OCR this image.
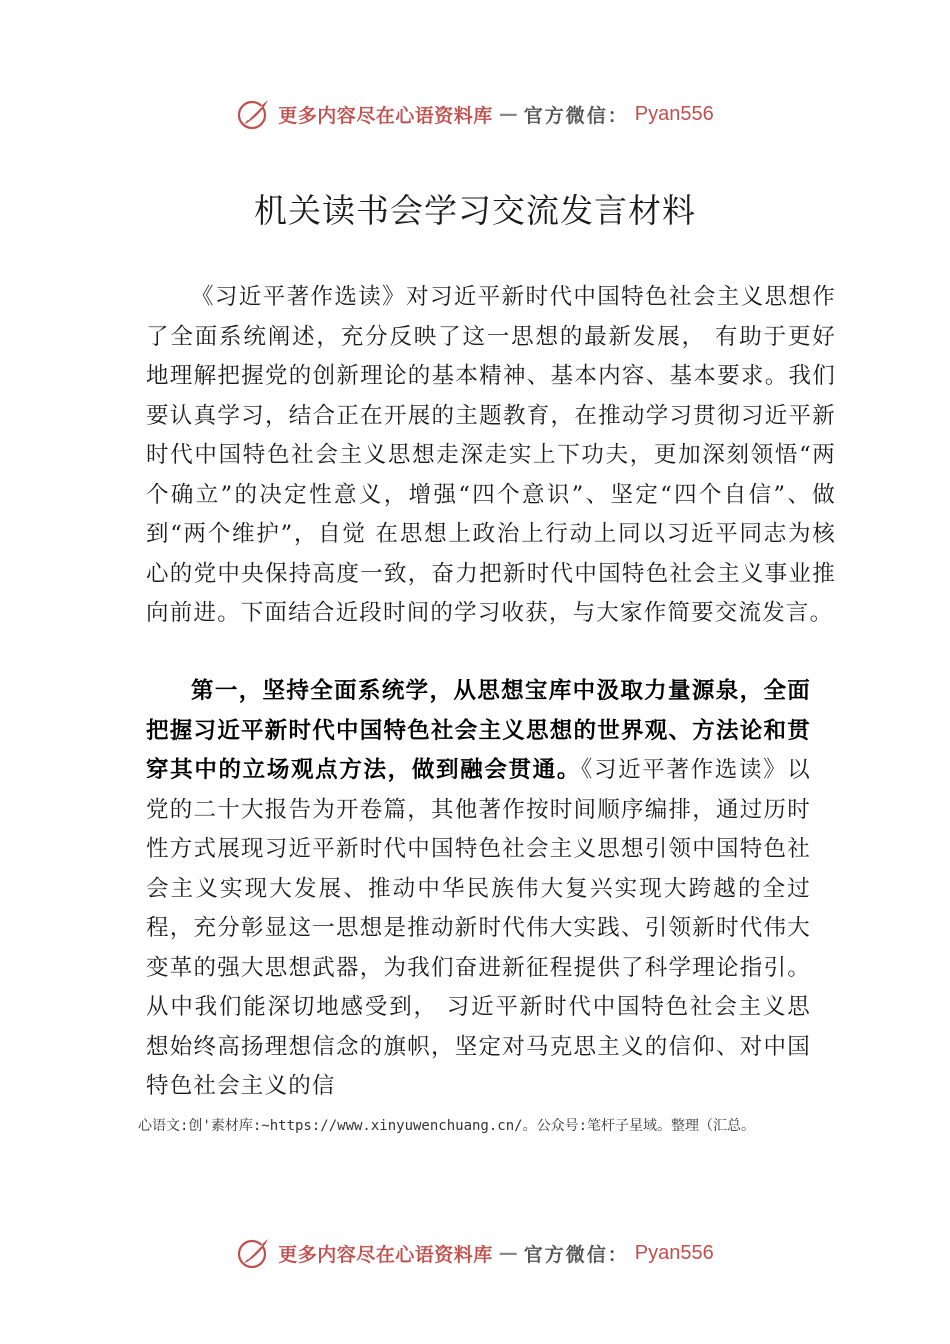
更多内容尽在心语资料库 — 官方微信： Pyan556
机关读书会学习交流发言材料

《习近平著作选读》对习近平新时代中国特色社会主义思想作了全面系统阐述，充分反映了这一思想的最新发展， 有助于更好地理解把握党的创新理论的基本精神、基本内容、基本要求。我们要认真学习，结合正在开展的主题教育，在推动学习贯彻习近平新时代中国特色社会主义思想走深走实上下功夫，更加深刻领悟“两个确立”的决定性意义，增强“四个意识”、坚定“四个自信”、做到“两个维护”，自觉 在思想上政治上行动上同以习近平同志为核心的党中央保持高度一致，奋力把新时代中国特色社会主义事业推向前进。下面结合近段时间的学习收获，与大家作简要交流发言。

第一，坚持全面系统学，从思想宝库中汲取力量源泉，全面把握习近平新时代中国特色社会主义思想的世界观、方法论和贯穿其中的立场观点方法，做到融会贯通。《习近平著作选读》以党的二十大报告为开卷篇，其他著作按时间顺序编排，通过历时性方式展现习近平新时代中国特色社会主义思想引领中国特色社会主义实现大发展、推动中华民族伟大复兴实现大跨越的全过程，充分彰显这一思想是推动新时代伟大实践、引领新时代伟大变革的强大思想武器，为我们奋进新征程提供了科学理论指引。从中我们能深切地感受到， 习近平新时代中国特色社会主义思想始终高扬理想信念的旗帜，坚定对马克思主义的信仰、对中国特色社会主义的信

心语文:创'素材库:~https://www.xinyuwenchuang.cn/。公众号:笔杆子星域。整理（汇总。

更多内容尽在心语资料库 — 官方微信： Pyan556
